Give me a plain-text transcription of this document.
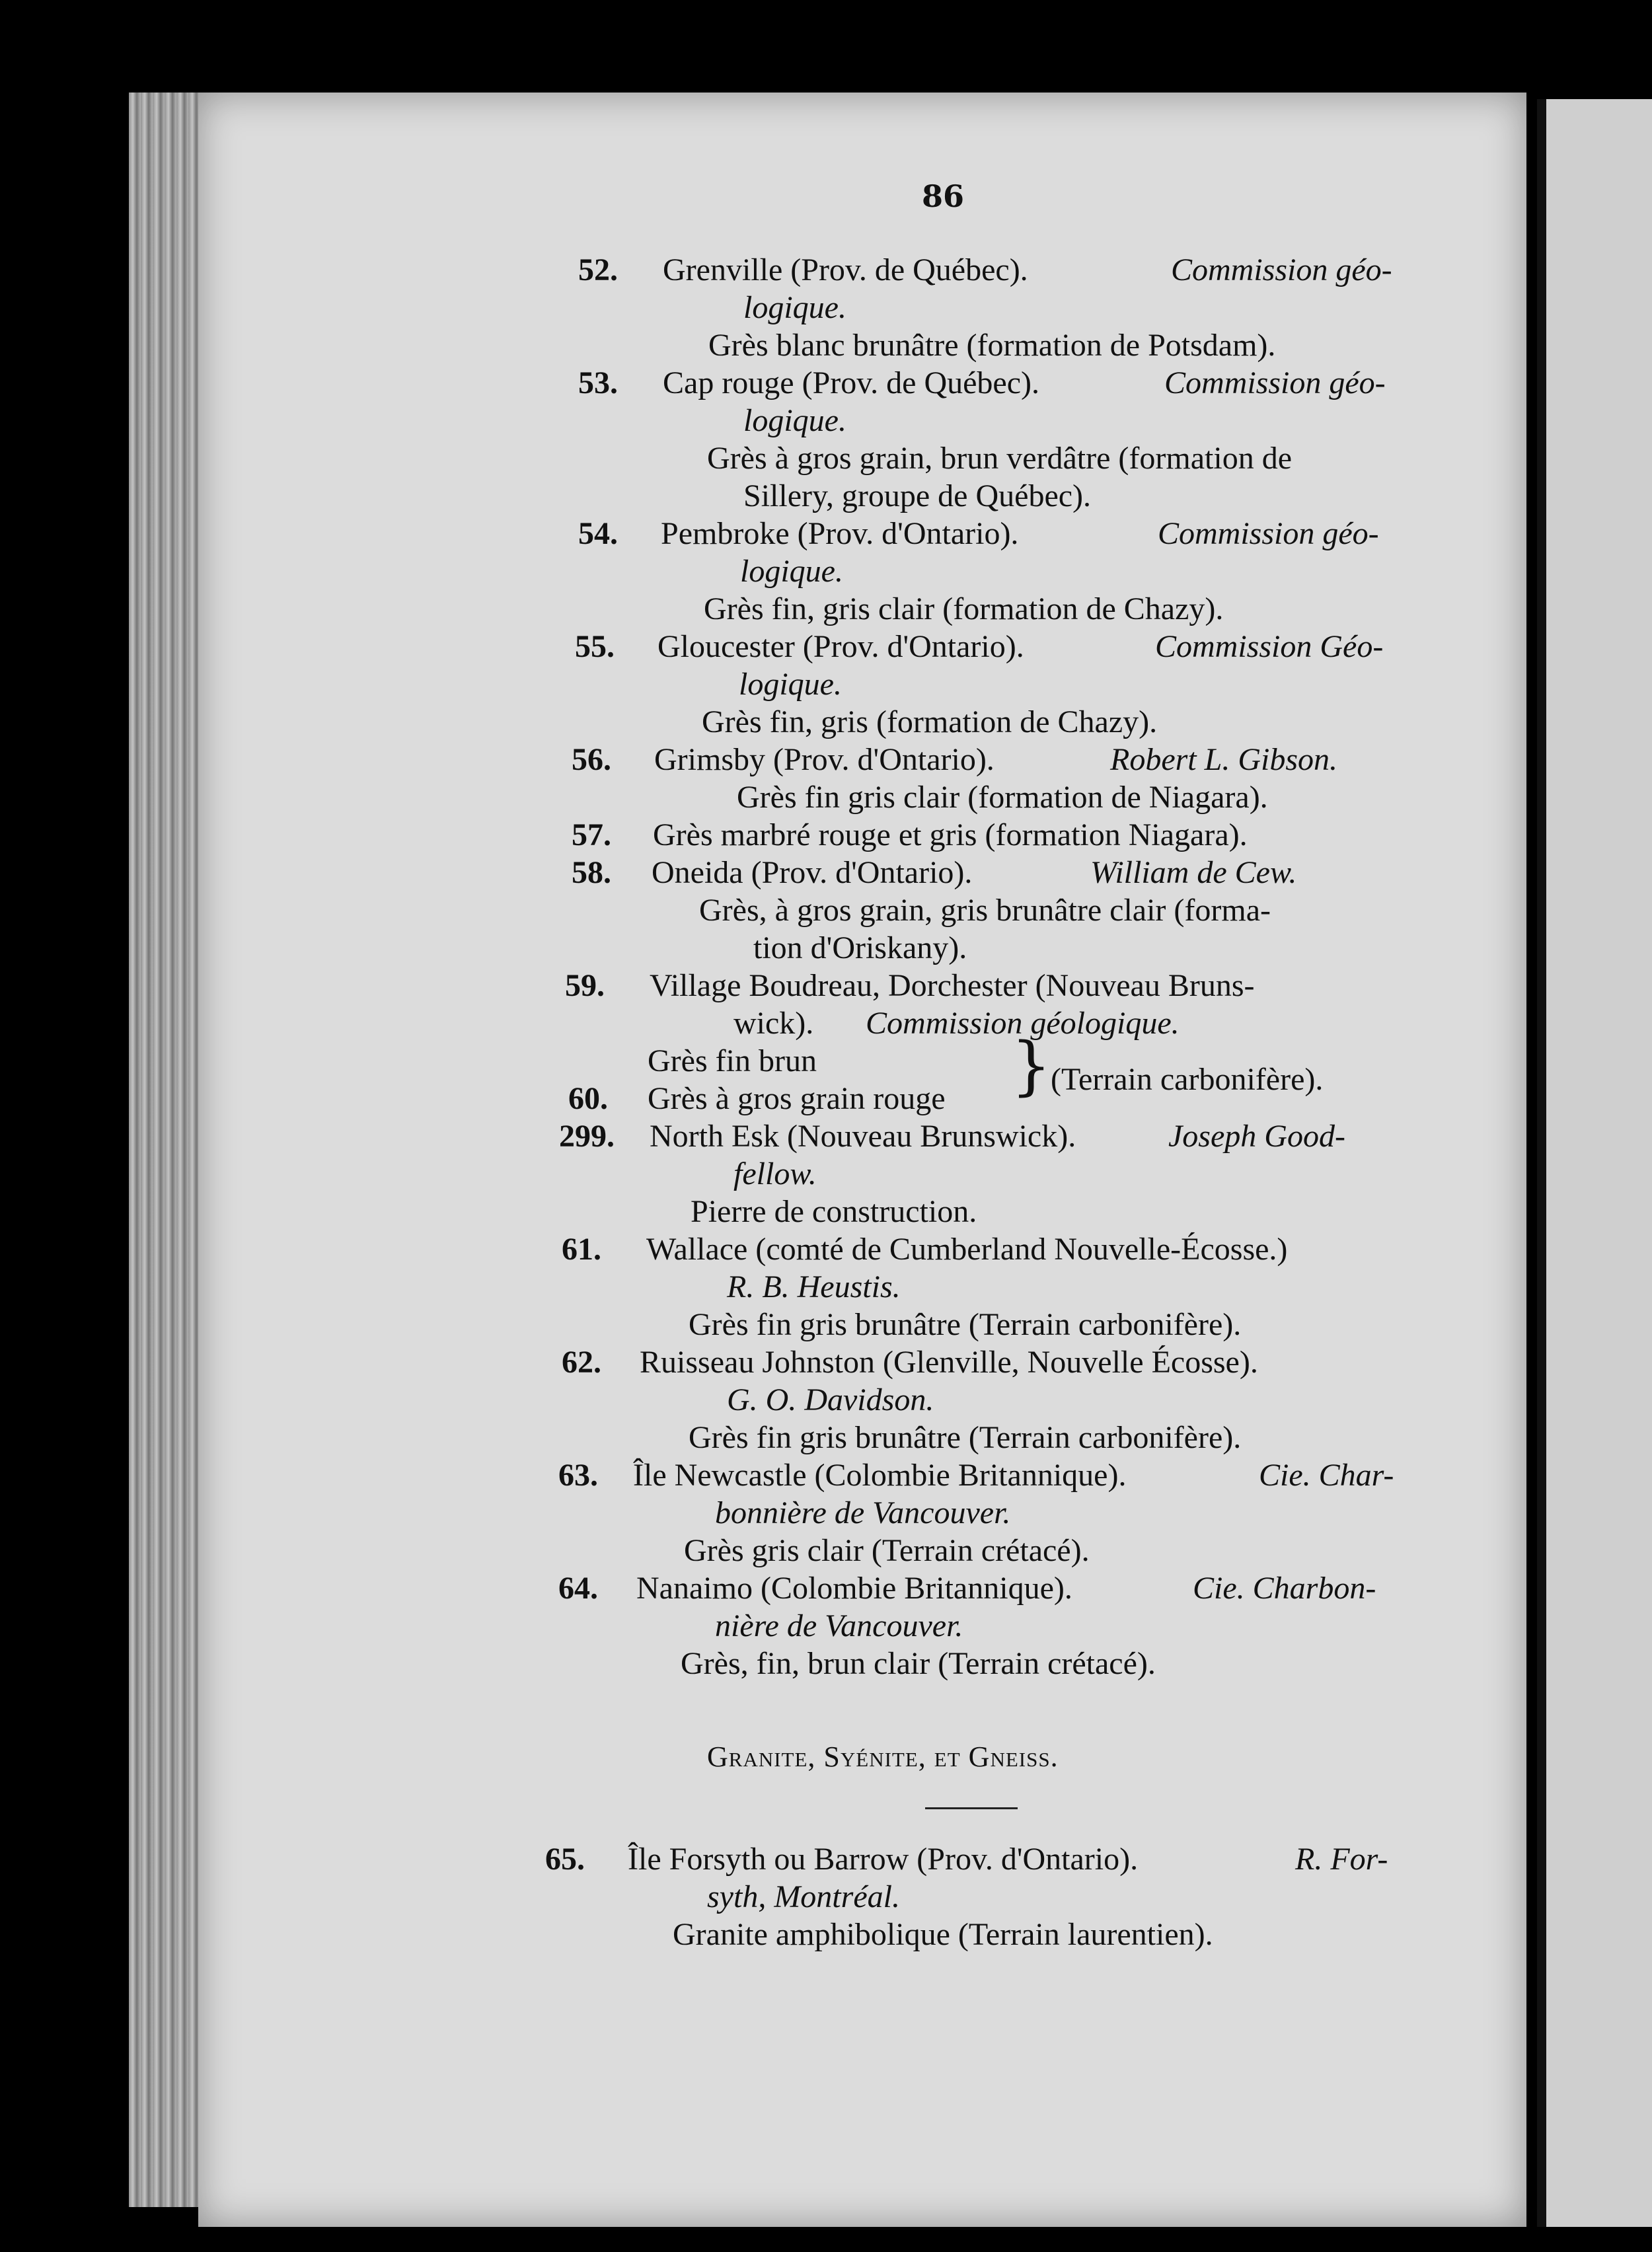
86
52. Grenville (Prov. de Québec).	Commission géo-
logique.
Grès blanc brunâtre (formation de Potsdam).
53. Cap rouge (Prov. de Québec).	Commission géo-
logique.
Grès à gros grain, brun verdâtre (formation de
Sillery, groupe de Québec).
54. Pembroke (Prov. d'Ontario).	Commission géo-
logique.
Grès fin, gris clair (formation de Chazy).
55. Gloucester (Prov. d'Ontario).	Commission Géo-
logique.
Grès fin, gris (formation de Chazy).
56. Grimsby (Prov. d'Ontario).	Robert L. Gibson.
Grès fin gris clair (formation de Niagara).
57. Grès marbré rouge et gris (formation Niagara).
58. Oneida (Prov. d'Ontario).	William de Cew.
Grès, à gros grain, gris brunâtre clair (forma-
tion d'Oriskany).
59. Village Boudreau, Dorchester (Nouveau Bruns-
wick). Commission géologique.
Grès fin brun
60. Grès à gros grain rouge }
(Terrain carbonifère).
299. North Esk (Nouveau Brunswick).	Joseph Good-
fellow.
Pierre de construction.
61. Wallace (comté de Cumberland Nouvelle-Écosse.)
R. B. Heustis.
Grès fin gris brunâtre (Terrain carbonifère).
62. Ruisseau Johnston (Glenville, Nouvelle Écosse).
G. O. Davidson.
Grès fin gris brunâtre (Terrain carbonifère).
63. Île Newcastle (Colombie Britannique).	Cie. Char-
bonnière de Vancouver.
Grès gris clair (Terrain crétacé).
64. Nanaimo (Colombie Britannique).	Cie. Charbon-
nière de Vancouver.
Grès, fin, brun clair (Terrain crétacé).
Granite, Syénite, et Gneiss.
65. Île Forsyth ou Barrow (Prov. d'Ontario).	R. For-
syth, Montréal.
Granite amphibolique (Terrain laurentien).
